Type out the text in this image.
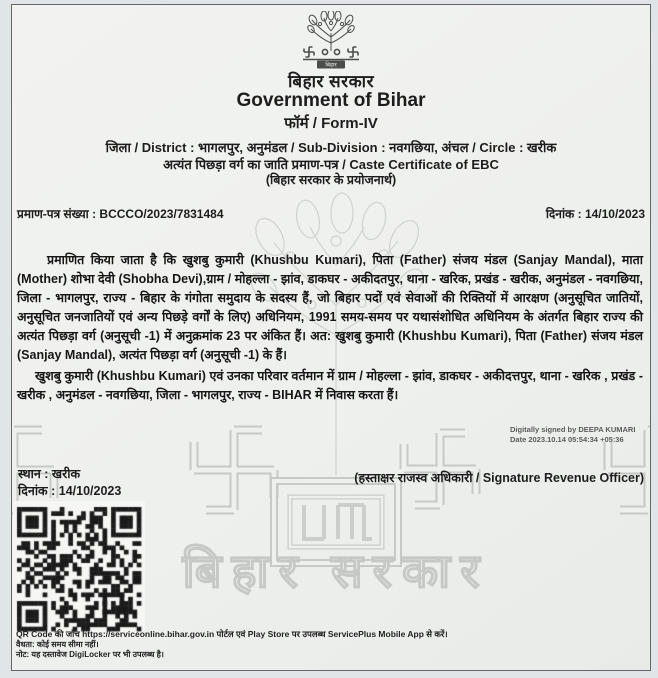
बिहार सरकार
बिहार
बिहार सरकार
Government of Bihar
फॉर्म / Form-IV
जिला / District : भागलपुर, अनुमंडल / Sub-Division : नवगछिया, अंचल / Circle : खरीक
अत्यंत पिछड़ा वर्ग का जाति प्रमाण-पत्र / Caste Certificate of EBC
(बिहार सरकार के प्रयोजनार्थ)
प्रमाण-पत्र संख्या : BCCCO/2023/7831484	दिनांक : 14/10/2023
प्रमाणित किया जाता है कि खुशबु कुमारी (Khushbu Kumari), पिता (Father) संजय मंडल (Sanjay Mandal), माता (Mother) शोभा देवी (Shobha Devi),ग्राम / मोहल्ला - झांव, डाकघर - अकीदतपुर, थाना - खरिक, प्रखंड - खरीक, अनुमंडल - नवगछिया, जिला - भागलपुर, राज्य - बिहार के गंगोता समुदाय के सदस्य हैं, जो बिहार पदों एवं सेवाओं की रिक्तियों में आरक्षण (अनुसूचित जातियों, अनुसूचित जनजातियों एवं अन्य पिछड़े वर्गों के लिए) अधिनियम, 1991 समय-समय पर यथासंशोधित अधिनियम के अंतर्गत बिहार राज्य की अत्यंत पिछड़ा वर्ग (अनुसूची -1) में अनुक्रमांक 23 पर अंकित हैं। अत: खुशबु कुमारी (Khushbu Kumari), पिता (Father) संजय मंडल (Sanjay Mandal), अत्यंत पिछड़ा वर्ग (अनुसूची -1) के हैं।
खुशबु कुमारी (Khushbu Kumari) एवं उनका परिवार वर्तमान में ग्राम / मोहल्ला - झांव, डाकघर - अकीदत्तपुर, थाना - खरिक , प्रखंड - खरीक , अनुमंडल - नवगछिया, जिला - भागलपुर, राज्य - BIHAR में निवास करता हैं।
Digitally signed by DEEPA KUMARI
Date 2023.10.14 05:54:34 +05:36
(हस्ताक्षर राजस्व अधिकारी / Signature Revenue Officer)
स्थान : खरीक
दिनांक : 14/10/2023
QR Code की जाँच https://serviceonline.bihar.gov.in पोर्टल एवं Play Store पर उपलब्ध ServicePlus Mobile App से करें।
वैधता: कोई समय सीमा नहीं।
नोट: यह दस्तावेज DigiLocker पर भी उपलब्ध है।
